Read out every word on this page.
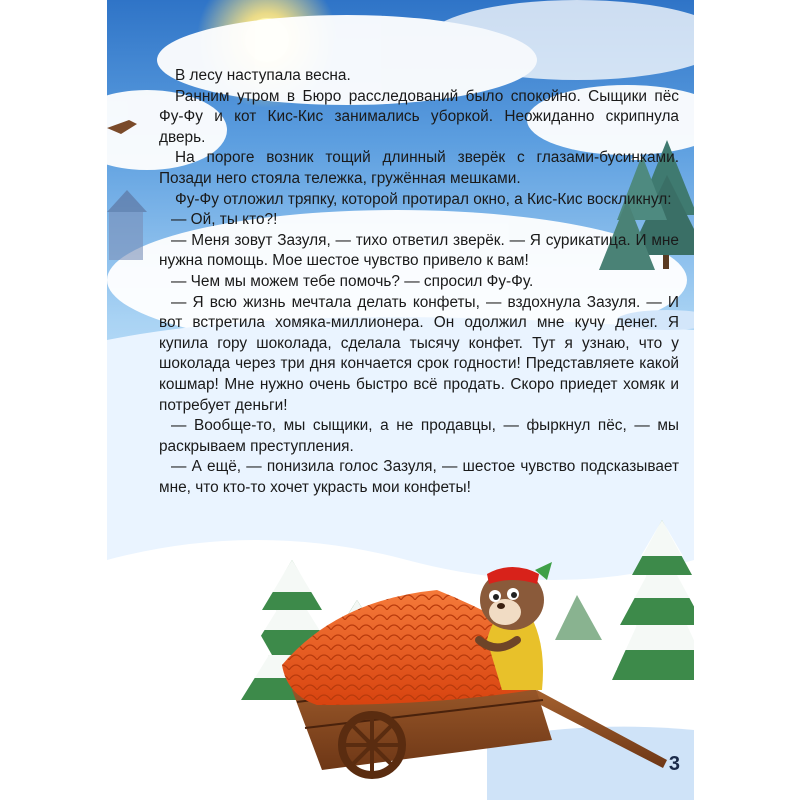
В лесу наступала весна.

Ранним утром в Бюро расследований было спокойно. Сыщики пёс Фу-Фу и кот Кис-Кис занимались уборкой. Неожиданно скрипнула дверь.

На пороге возник тощий длинный зверёк с глазами-бусинками. Позади него стояла тележка, гружённая мешками.

Фу-Фу отложил тряпку, которой протирал окно, а Кис-Кис воскликнул:

— Ой, ты кто?!

— Меня зовут Зазуля, — тихо ответил зверёк. — Я сурикатица. И мне нужна помощь. Мое шестое чувство привело к вам!

— Чем мы можем тебе помочь? — спросил Фу-Фу.

— Я всю жизнь мечтала делать конфеты, — вздохнула Зазуля. — И вот встретила хомяка-миллионера. Он одолжил мне кучу денег. Я купила гору шоколада, сделала тысячу конфет. Тут я узнаю, что у шоколада через три дня кончается срок годности! Представляете какой кошмар! Мне нужно очень быстро всё продать. Скоро приедет хомяк и потребует деньги!

— Вообще-то, мы сыщики, а не продавцы, — фыркнул пёс, — мы раскрываем преступления.

— А ещё, — понизила голос Зазуля, — шестое чувство подсказывает мне, что кто-то хочет украсть мои конфеты!

3
